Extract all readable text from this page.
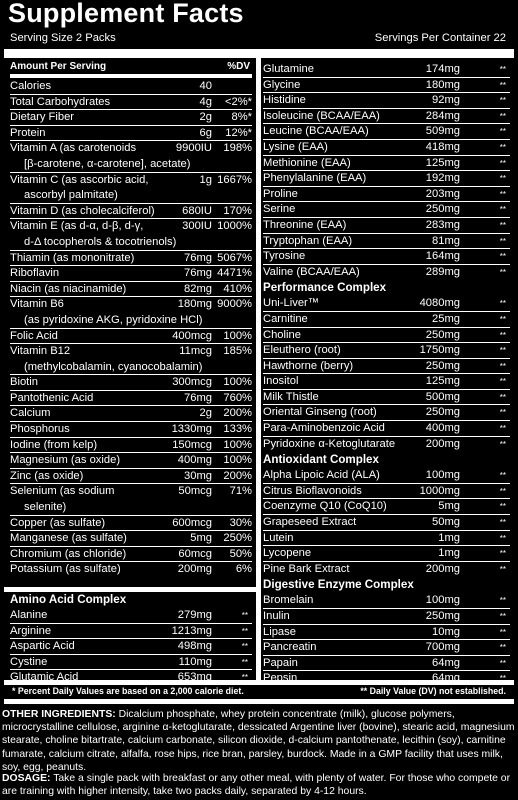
Supplement Facts
Serving Size 2 Packs	Servings Per Container 22
Amount Per Serving	%DV
Calories	40
Total Carbohydrates	4g <2%*
Dietary Fiber	2g 8%*
Protein	6g 12%*
Vitamin A (as carotenoids
[β-carotene, α-carotene], acetate)
9900IU 198%
Vitamin C (as ascorbic acid,
ascorbyl palmitate)
1g 1667%
Vitamin D (as cholecalciferol) 680IU 170%
Vitamin E (as d-α, d-β, d-γ,
d-Δ tocopherols & tocotrienols)
300IU 1000%
Thiamin (as mononitrate)	76mg 5067%
Riboflavin	76mg 4471%
Niacin (as niacinamide)	82mg 410%
Vitamin B6
(as pyridoxine AKG, pyridoxine HCl)
180mg 9000%
Folic Acid	400mcg 100%
Vitamin B12
(methylcobalamin, cyanocobalamin)
11mcg 185%
Biotin	300mcg 100%
Pantothenic Acid	76mg 760%
Calcium	2g 200%
Phosphorus	1330mg 133%
Iodine (from kelp)	150mcg 100%
Magnesium (as oxide)	400mg 100%
Zinc (as oxide)	30mg 200%
Selenium (as sodium
selenite)
50mcg 71%
Copper (as sulfate)	600mcg 30%
Manganese (as sulfate)	5mg 250%
Chromium (as chloride)	60mcg 50%
Potassium (as sulfate)	200mg 6%
Amino Acid Complex
Alanine	279mg	**
Arginine	1213mg	**
Aspartic Acid	498mg	**
Cystine	110mg	**
Glutamic Acid	653mg	**
Glutamine	174mg	**
Glycine	180mg	**
Histidine	92mg	**
Isoleucine (BCAA/EAA)	284mg	**
Leucine (BCAA/EAA)	509mg	**
Lysine (EAA)	418mg	**
Methionine (EAA)	125mg	**
Phenylalanine (EAA)	192mg	**
Proline	203mg	**
Serine	250mg	**
Threonine (EAA)	283mg	**
Tryptophan (EAA)	81mg	**
Tyrosine	164mg	**
Valine (BCAA/EAA)	289mg	**
Performance Complex
Uni-Liver™	4080mg	**
Carnitine	25mg	**
Choline	250mg	**
Eleuthero (root)	1750mg	**
Hawthorne (berry)	250mg	**
Inositol	125mg	**
Milk Thistle	500mg	**
Oriental Ginseng (root)	250mg	**
Para-Aminobenzoic Acid	400mg	**
Pyridoxine α-Ketoglutarate	200mg	**
Antioxidant Complex
Alpha Lipoic Acid (ALA)	100mg	**
Citrus Bioflavonoids	1000mg	**
Coenzyme Q10 (CoQ10)	5mg	**
Grapeseed Extract	50mg	**
Lutein	1mg	**
Lycopene	1mg	**
Pine Bark Extract	200mg	**
Digestive Enzyme Complex
Bromelain	100mg	**
Inulin	250mg	**
Lipase	10mg	**
Pancreatin	700mg	**
Papain	64mg	**
Pepsin	64mg	**
* Percent Daily Values are based on a 2,000 calorie diet.	** Daily Value (DV) not established.
OTHER INGREDIENTS: Dicalcium phosphate, whey protein concentrate (milk), glucose polymers, microcrystalline cellulose, arginine α-ketoglutarate, dessicated Argentine liver (bovine), stearic acid, magnesium stearate, choline bitartrate, calcium carbonate, silicon dioxide, d-calcium pantothenate, lecithin (soy), carnitine fumarate, calcium citrate, alfalfa, rose hips, rice bran, parsley, burdock. Made in a GMP facility that uses milk, soy, egg, peanuts.
DOSAGE: Take a single pack with breakfast or any other meal, with plenty of water. For those who compete or are training with higher intensity, take two packs daily, separated by 4-12 hours.
